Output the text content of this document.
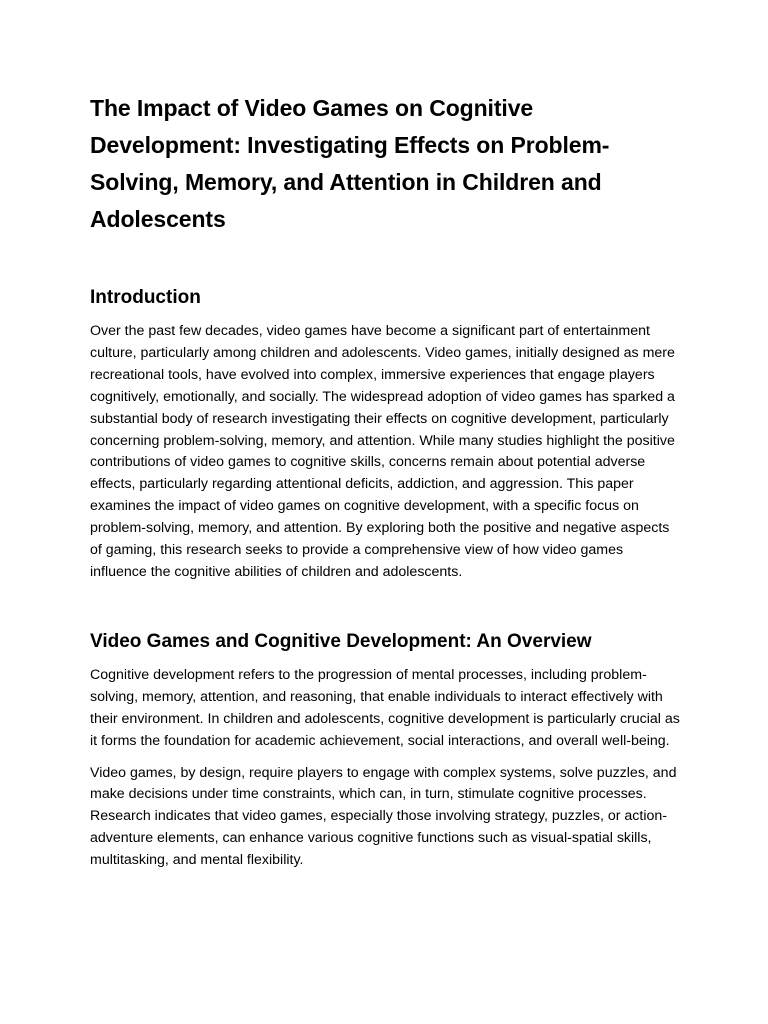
The Impact of Video Games on Cognitive Development: Investigating Effects on Problem-Solving, Memory, and Attention in Children and Adolescents
Introduction

Over the past few decades, video games have become a significant part of entertainment culture, particularly among children and adolescents. Video games, initially designed as mere recreational tools, have evolved into complex, immersive experiences that engage players cognitively, emotionally, and socially. The widespread adoption of video games has sparked a substantial body of research investigating their effects on cognitive development, particularly concerning problem-solving, memory, and attention. While many studies highlight the positive contributions of video games to cognitive skills, concerns remain about potential adverse effects, particularly regarding attentional deficits, addiction, and aggression. This paper examines the impact of video games on cognitive development, with a specific focus on problem-solving, memory, and attention. By exploring both the positive and negative aspects of gaming, this research seeks to provide a comprehensive view of how video games influence the cognitive abilities of children and adolescents.

Video Games and Cognitive Development: An Overview

Cognitive development refers to the progression of mental processes, including problem-solving, memory, attention, and reasoning, that enable individuals to interact effectively with their environment. In children and adolescents, cognitive development is particularly crucial as it forms the foundation for academic achievement, social interactions, and overall well-being.

Video games, by design, require players to engage with complex systems, solve puzzles, and make decisions under time constraints, which can, in turn, stimulate cognitive processes. Research indicates that video games, especially those involving strategy, puzzles, or action-adventure elements, can enhance various cognitive functions such as visual-spatial skills, multitasking, and mental flexibility.
